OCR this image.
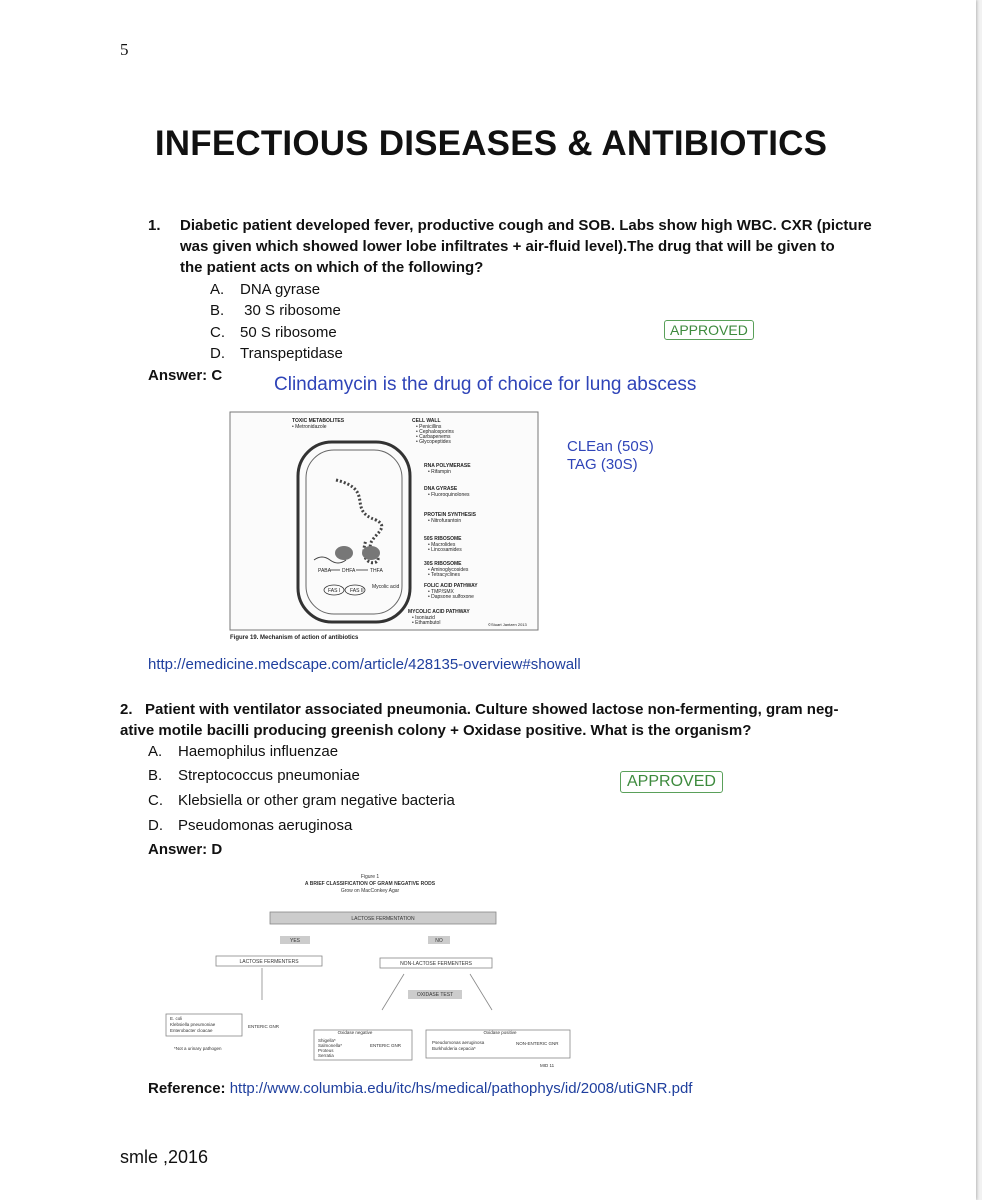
5
INFECTIOUS DISEASES & ANTIBIOTICS
1. Diabetic patient developed fever, productive cough and SOB. Labs show high WBC. CXR (picture
was given which showed lower lobe infiltrates + air-fluid level).The drug that will be given to
the patient acts on which of the following?
A. DNA gyrase
B. 30 S ribosome
C. 50 S ribosome
D. Transpeptidase
APPROVED
Answer: C	Clindamycin is the drug of choice for lung abscess
CLEan (50S)
TAG (30S)
TOXIC METABOLITES
• Metronidazole
CELL WALL
• Penicillins
• Cephalosporins
• Carbapenems
• Glycopeptides
RNA POLYMERASE
• Rifampin
DNA GYRASE
• Fluoroquinolones
PROTEIN SYNTHESIS
• Nitrofurantoin
50S RIBOSOME
• Macrolides
• Lincosamides
30S RIBOSOME
• Aminoglycosides
• Tetracyclines
FOLIC ACID PATHWAY
• TMP/SMX
• Dapsone sulfoxone
MYCOLIC ACID PATHWAY
• Isoniazid
• Ethambutol
PABA DHFA	THFA
FAS I FAS II
Mycolic acid
©Stuart Jantzen 2013
Figure 19. Mechanism of action of antibiotics
http://emedicine.medscape.com/article/428135-overview#showall
2. Patient with ventilator associated pneumonia. Culture showed lactose non-fermenting, gram neg-
ative motile bacilli producing greenish colony + Oxidase positive. What is the organism?
A. Haemophilus influenzae
B. Streptococcus pneumoniae
C. Klebsiella or other gram negative bacteria
D. Pseudomonas aeruginosa
APPROVED
Answer: D
Figure 1
A BRIEF CLASSIFICATION OF GRAM NEGATIVE RODS
Grow on MacConkey Agar
LACTOSE FERMENTATION
YES	NO
LACTOSE FERMENTERS	NON-LACTOSE FERMENTERS
OXIDASE TEST
E. coli
Klebsiella pneumoniae
Enterobacter cloacae
ENTERIC GNR
*Not a urinary pathogen
Oxidase negative
Shigella*
Salmonella*
Proteus
Serratia
ENTERIC GNR
Oxidase positive
Pseudomonas aeruginosa
Burkholderia cepacia*
NON-ENTERIC GNR
MID 11
Reference: http://www.columbia.edu/itc/hs/medical/pathophys/id/2008/utiGNR.pdf
smle ,2016
